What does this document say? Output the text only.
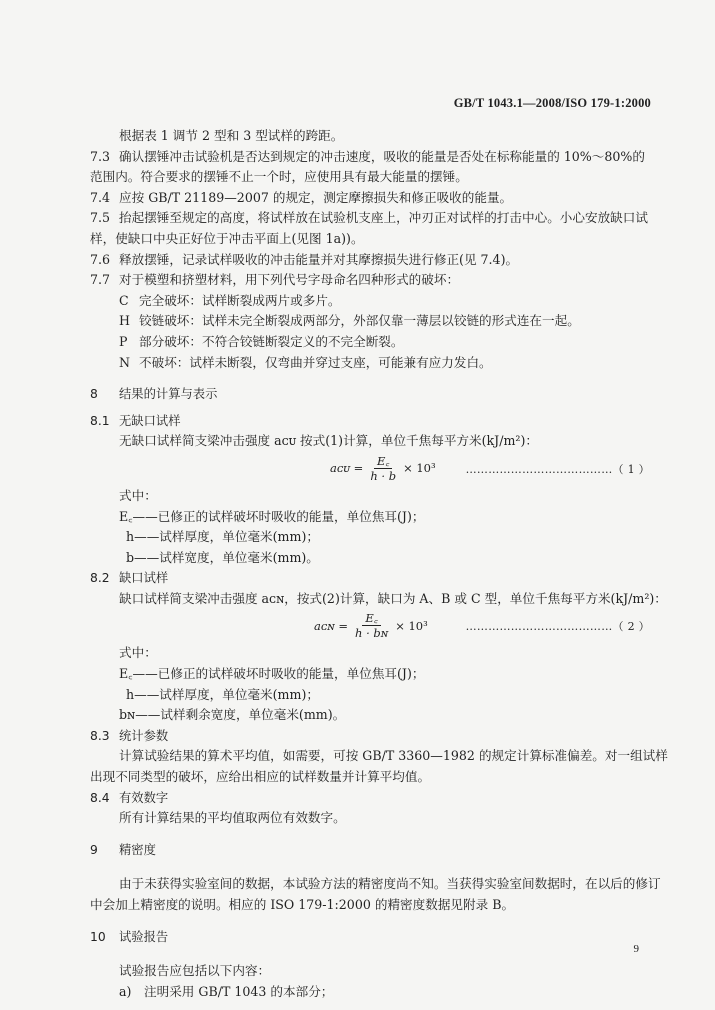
GB/T 1043.1—2008/ISO 179-1:2000

根据表 1 调节 2 型和 3 型试样的跨距。

7.3 确认摆锤冲击试验机是否达到规定的冲击速度，吸收的能量是否处在标称能量的 10%～80%的

范围内。符合要求的摆锤不止一个时，应使用具有最大能量的摆锤。

7.4 应按 GB/T 21189—2007 的规定，测定摩擦损失和修正吸收的能量。

7.5 抬起摆锤至规定的高度，将试样放在试验机支座上，冲刃正对试样的打击中心。小心安放缺口试

样，使缺口中央正好位于冲击平面上(见图 1a))。

7.6 释放摆锤，记录试样吸收的冲击能量并对其摩擦损失进行修正(见 7.4)。

7.7 对于模塑和挤塑材料，用下列代号字母命名四种形式的破坏：

C 完全破坏：试样断裂成两片或多片。

H 铰链破坏：试样未完全断裂成两部分，外部仅靠一薄层以铰链的形式连在一起。

P 部分破坏：不符合铰链断裂定义的不完全断裂。

N 不破坏：试样未断裂，仅弯曲并穿过支座，可能兼有应力发白。

8 结果的计算与表示

8.1 无缺口试样

无缺口试样简支梁冲击强度 aᴄᴜ 按式(1)计算，单位千焦每平方米(kJ/m²)：

aᴄᴜ = $\frac{E꜀}{h \cdot b} \times 10^3$	…………………………………（ 1 ）

式中：

E꜀——已修正的试样破坏时吸收的能量，单位焦耳(J)；

h——试样厚度，单位毫米(mm)；

b——试样宽度，单位毫米(mm)。

8.2 缺口试样

缺口试样简支梁冲击强度 aᴄɴ，按式(2)计算，缺口为 A、B 或 C 型，单位千焦每平方米(kJ/m²)：

aᴄɴ = $\frac{E꜀}{\text{h · bɴ}} \times 10^3$	…………………………………（ 2 ）

式中：

E꜀——已修正的试样破坏时吸收的能量，单位焦耳(J)；

h——试样厚度，单位毫米(mm)；

bɴ——试样剩余宽度，单位毫米(mm)。

8.3 统计参数

计算试验结果的算术平均值，如需要，可按 GB/T 3360—1982 的规定计算标准偏差。对一组试样

出现不同类型的破坏，应给出相应的试样数量并计算平均值。

8.4 有效数字

所有计算结果的平均值取两位有效数字。

9 精密度

由于未获得实验室间的数据，本试验方法的精密度尚不知。当获得实验室间数据时，在以后的修订

中会加上精密度的说明。相应的 ISO 179-1:2000 的精密度数据见附录 B。

10 试验报告

试验报告应包括以下内容：

a)　注明采用 GB/T 1043 的本部分；

9
